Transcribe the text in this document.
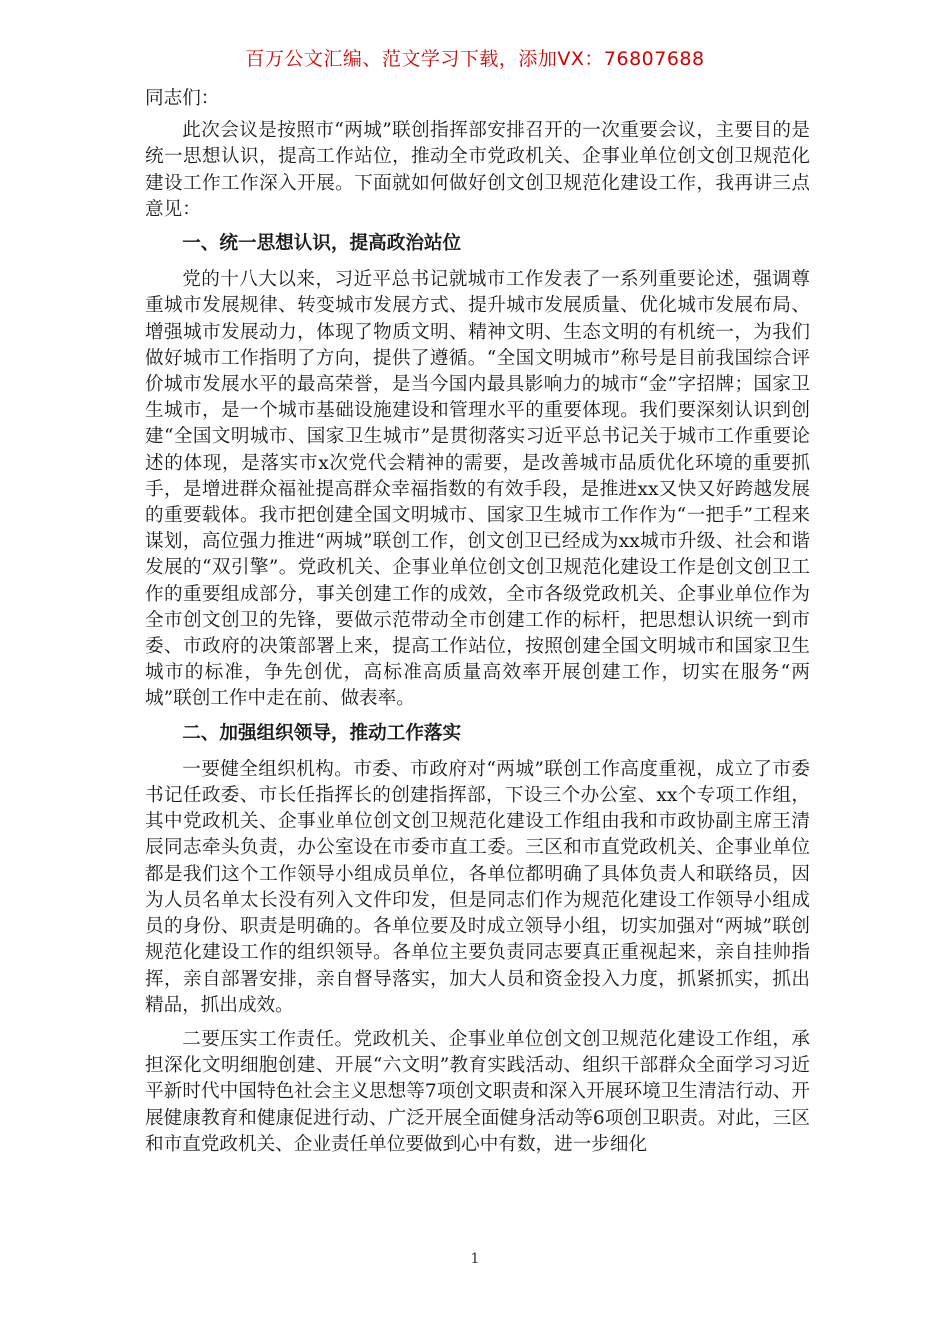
百万公文汇编、范文学习下载，添加VX：76807688

同志们：

此次会议是按照市“两城”联创指挥部安排召开的一次重要会议，主要目的是统一思想认识，提高工作站位，推动全市党政机关、企事业单位创文创卫规范化建设工作工作深入开展。下面就如何做好创文创卫规范化建设工作，我再讲三点意见：

一、统一思想认识，提高政治站位

党的十八大以来，习近平总书记就城市工作发表了一系列重要论述，强调尊重城市发展规律、转变城市发展方式、提升城市发展质量、优化城市发展布局、增强城市发展动力，体现了物质文明、精神文明、生态文明的有机统一，为我们做好城市工作指明了方向，提供了遵循。“全国文明城市”称号是目前我国综合评价城市发展水平的最高荣誉，是当今国内最具影响力的城市“金”字招牌；国家卫生城市，是一个城市基础设施建设和管理水平的重要体现。我们要深刻认识到创建“全国文明城市、国家卫生城市”是贯彻落实习近平总书记关于城市工作重要论述的体现，是落实市x次党代会精神的需要，是改善城市品质优化环境的重要抓手，是增进群众福祉提高群众幸福指数的有效手段，是推进xx又快又好跨越发展的重要载体。我市把创建全国文明城市、国家卫生城市工作作为“一把手”工程来谋划，高位强力推进“两城”联创工作，创文创卫已经成为xx城市升级、社会和谐发展的“双引擎”。党政机关、企事业单位创文创卫规范化建设工作是创文创卫工作的重要组成部分，事关创建工作的成效，全市各级党政机关、企事业单位作为全市创文创卫的先锋，要做示范带动全市创建工作的标杆，把思想认识统一到市委、市政府的决策部署上来，提高工作站位，按照创建全国文明城市和国家卫生城市的标准，争先创优，高标准高质量高效率开展创建工作，切实在服务“两城”联创工作中走在前、做表率。

二、加强组织领导，推动工作落实

一要健全组织机构。市委、市政府对“两城”联创工作高度重视，成立了市委书记任政委、市长任指挥长的创建指挥部，下设三个办公室、xx个专项工作组，其中党政机关、企事业单位创文创卫规范化建设工作组由我和市政协副主席王清辰同志牵头负责，办公室设在市委市直工委。三区和市直党政机关、企事业单位都是我们这个工作领导小组成员单位，各单位都明确了具体负责人和联络员，因为人员名单太长没有列入文件印发，但是同志们作为规范化建设工作领导小组成员的身份、职责是明确的。各单位要及时成立领导小组，切实加强对“两城”联创规范化建设工作的组织领导。各单位主要负责同志要真正重视起来，亲自挂帅指挥，亲自部署安排，亲自督导落实，加大人员和资金投入力度，抓紧抓实，抓出精品，抓出成效。

二要压实工作责任。党政机关、企事业单位创文创卫规范化建设工作组，承担深化文明细胞创建、开展“六文明”教育实践活动、组织干部群众全面学习习近平新时代中国特色社会主义思想等7项创文职责和深入开展环境卫生清洁行动、开展健康教育和健康促进行动、广泛开展全面健身活动等6项创卫职责。对此，三区和市直党政机关、企业责任单位要做到心中有数，进一步细化

1
